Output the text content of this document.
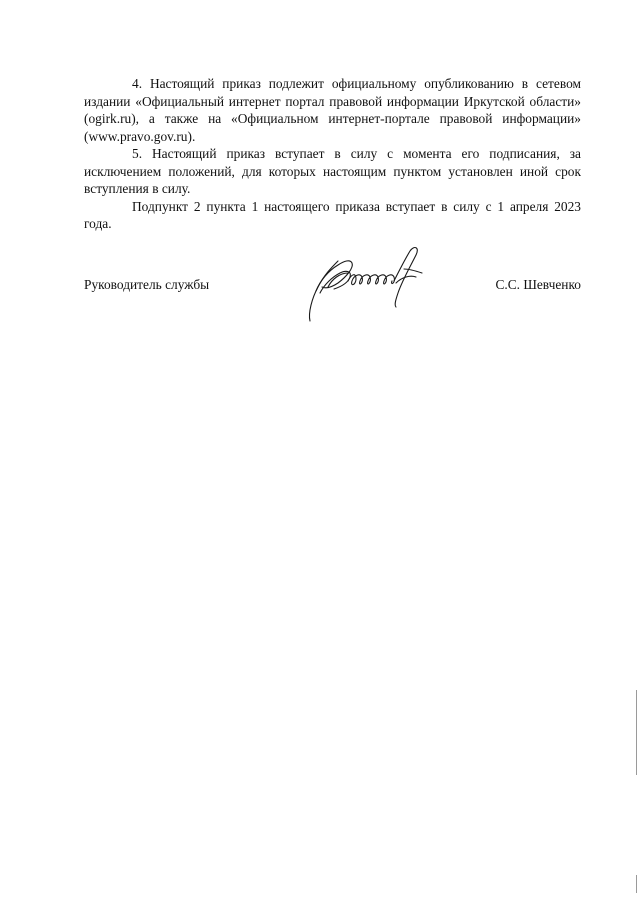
4. Настоящий приказ подлежит официальному опубликованию в сетевом издании «Официальный интернет портал правовой информации Иркутской области» (ogirk.ru), а также на «Официальном интернет-портале правовой информации» (www.pravo.gov.ru).

5. Настоящий приказ вступает в силу с момента его подписания, за исключением положений, для которых настоящим пунктом установлен иной срок вступления в силу.

Подпункт 2 пункта 1 настоящего приказа вступает в силу с 1 апреля 2023 года.

Руководитель службы	С.С. Шевченко
